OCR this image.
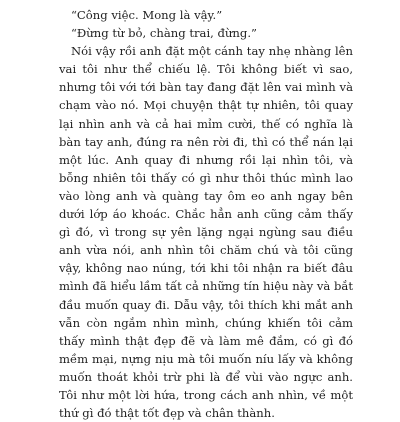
“Công việc. Mong là vậy.”

“Đừng từ bỏ, chàng trai, đừng.”

Nói vậy rồi anh đặt một cánh tay nhẹ nhàng lên vai tôi như thể chiếu lệ. Tôi không biết vì sao, nhưng tôi với tới bàn tay đang đặt lên vai mình và chạm vào nó. Mọi chuyện thật tự nhiên, tôi quay lại nhìn anh và cả hai mỉm cười, thế có nghĩa là bàn tay anh, đúng ra nên rời đi, thì có thể nán lại một lúc. Anh quay đi nhưng rồi lại nhìn tôi, và bỗng nhiên tôi thấy có gì như thôi thúc mình lao vào lòng anh và quàng tay ôm eo anh ngay bên dưới lớp áo khoác. Chắc hẳn anh cũng cảm thấy gì đó, vì trong sự yên lặng ngại ngùng sau điều anh vừa nói, anh nhìn tôi chăm chú và tôi cũng vậy, không nao núng, tới khi tôi nhận ra biết đâu mình đã hiểu lầm tất cả những tín hiệu này và bắt đầu muốn quay đi. Dẫu vậy, tôi thích khi mắt anh vẫn còn ngắm nhìn mình, chúng khiến tôi cảm thấy mình thật đẹp đẽ và làm mê đắm, có gì đó mềm mại, nựng nịu mà tôi muốn níu lấy và không muốn thoát khỏi trừ phi là để vùi vào ngực anh. Tôi như một lời hứa, trong cách anh nhìn, về một thứ gì đó thật tốt đẹp và chân thành.
